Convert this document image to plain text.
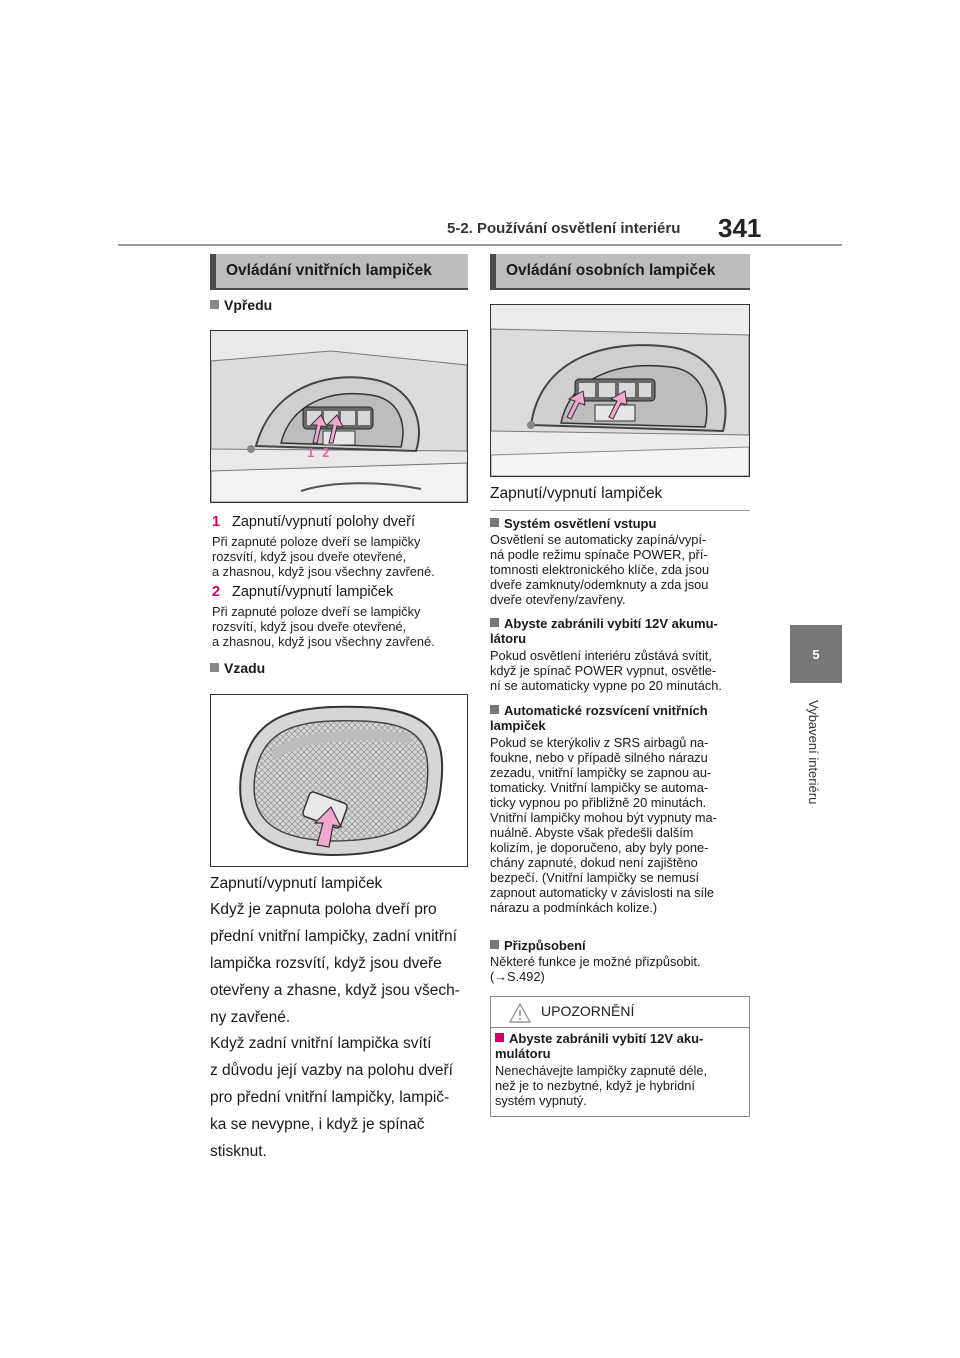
5-2. Používání osvětlení interiéru 341
5
Vybavení interiéru
Ovládání vnitřních lampiček
Vpředu
1 2
1 Zapnutí/vypnutí polohy dveří
Při zapnuté poloze dveří se lampičky
rozsvítí, když jsou dveře otevřené,
a zhasnou, když jsou všechny zavřené.
2 Zapnutí/vypnutí lampiček
Při zapnuté poloze dveří se lampičky
rozsvítí, když jsou dveře otevřené,
a zhasnou, když jsou všechny zavřené.
Vzadu
Zapnutí/vypnutí lampiček
Když je zapnuta poloha dveří pro
přední vnitřní lampičky, zadní vnitřní
lampička rozsvítí, když jsou dveře
otevřeny a zhasne, když jsou všech-
ny zavřené.
Když zadní vnitřní lampička svítí
z důvodu její vazby na polohu dveří
pro přední vnitřní lampičky, lampič-
ka se nevypne, i když je spínač
stisknut.
Ovládání osobních lampiček
Zapnutí/vypnutí lampiček
Systém osvětlení vstupu
Osvětlení se automaticky zapíná/vypí-
ná podle režimu spínače POWER, pří-
tomnosti elektronického klíče, zda jsou
dveře zamknuty/odemknuty a zda jsou
dveře otevřeny/zavřeny.
Abyste zabránili vybití 12V akumu-
látoru
Pokud osvětlení interiéru zůstává svítit,
když je spínač POWER vypnut, osvětle-
ní se automaticky vypne po 20 minutách.
Automatické rozsvícení vnitřních
lampiček
Pokud se kterýkoliv z SRS airbagů na-
foukne, nebo v případě silného nárazu
zezadu, vnitřní lampičky se zapnou au-
tomaticky. Vnitřní lampičky se automa-
ticky vypnou po přibližně 20 minutách.
Vnitřní lampičky mohou být vypnuty ma-
nuálně. Abyste však předešli dalším
kolizím, je doporučeno, aby byly pone-
chány zapnuté, dokud není zajištěno
bezpečí. (Vnitřní lampičky se nemusí
zapnout automaticky v závislosti na síle
nárazu a podmínkách kolize.)
Přizpůsobení
Některé funkce je možné přizpůsobit.
(→S.492)
UPOZORNĚNÍ
Abyste zabránili vybití 12V aku-
mulátoru
Nenechávejte lampičky zapnuté déle,
než je to nezbytné, když je hybridní
systém vypnutý.
